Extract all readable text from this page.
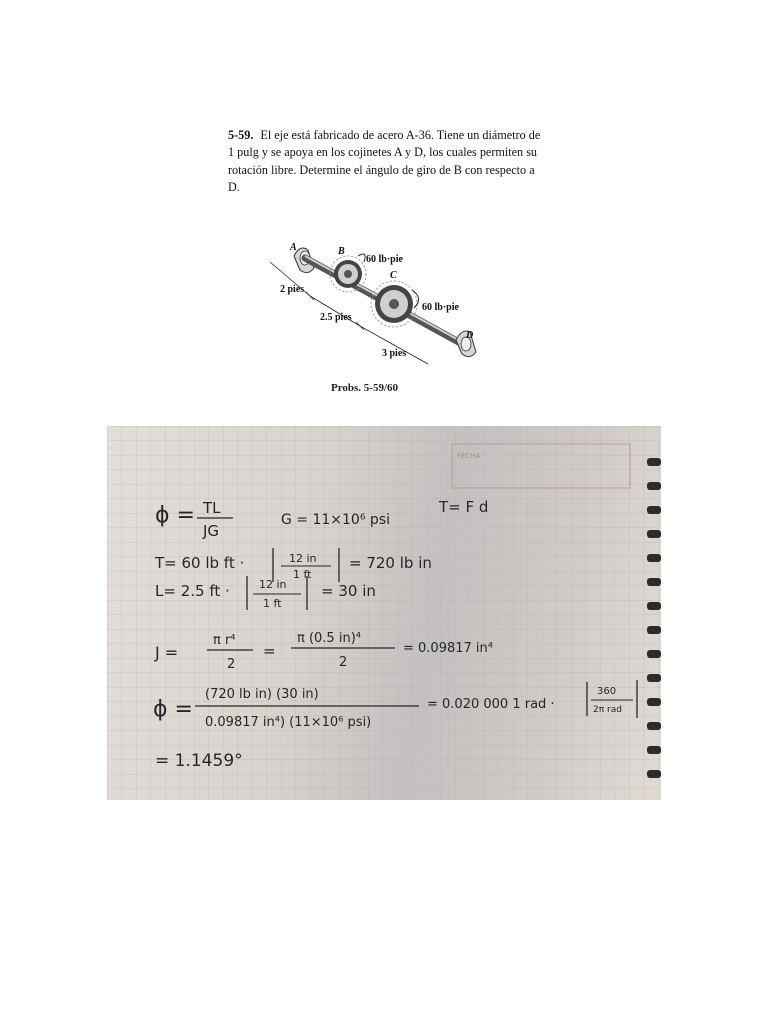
5-59. El eje está fabricado de acero A-36. Tiene un diámetro de 1 pulg y se apoya en los cojinetes A y D, los cuales permiten su rotación libre. Determine el ángulo de giro de B con respecto a D.
A	B
C
D
60 lb·pie
60 lb·pie
2 pies
2.5 pies
3 pies
Probs. 5-59/60
FECHA
ϕ = TL
JG
G = 11×10⁶ psi
T= F d
T= 60 lb ft ·	12 in
1 ft
= 720 lb in
L= 2.5 ft ·	12 in
1 ft
= 30 in
J =
π r⁴
2
=
π (0.5 in)⁴
2
= 0.09817 in⁴
ϕ =
(720 lb in) (30 in)
0.09817 in⁴) (11×10⁶ psi)
= 0.020 000 1 rad ·
360
2π rad
= 1.1459°
